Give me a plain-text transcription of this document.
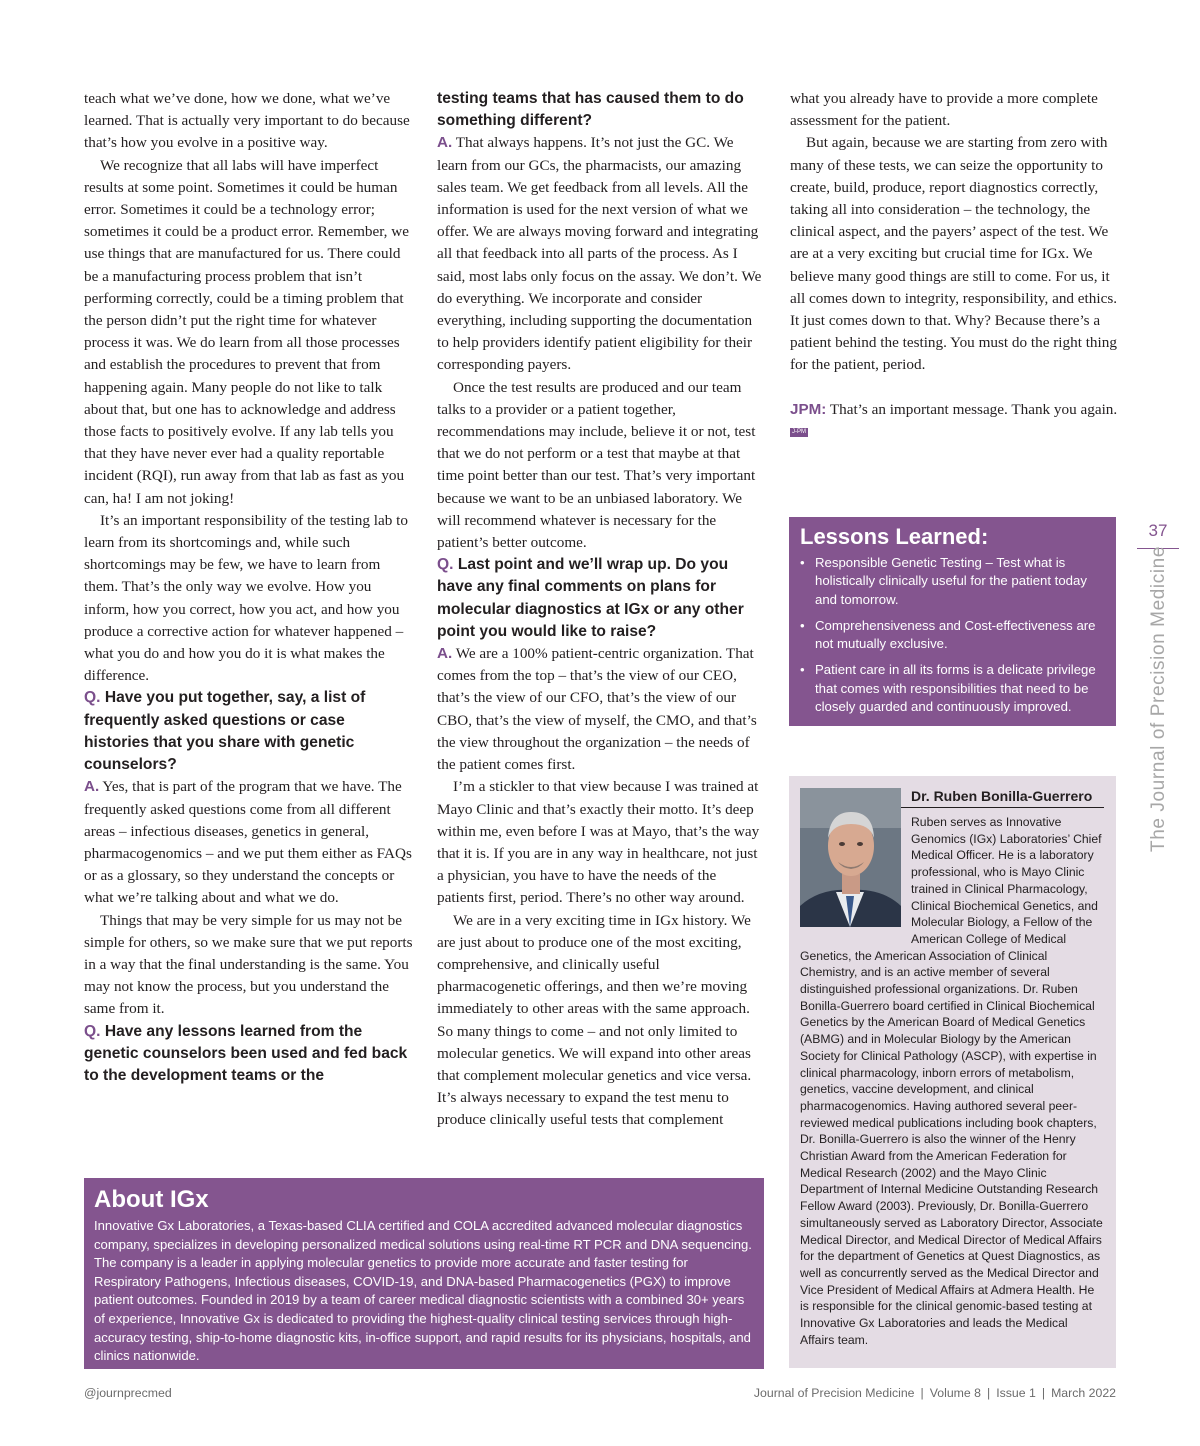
teach what we’ve done, how we done, what we’ve learned. That is actually very important to do because that’s how you evolve in a positive way.

We recognize that all labs will have imperfect results at some point. Sometimes it could be human error. Sometimes it could be a technology error; sometimes it could be a product error. Remember, we use things that are manufactured for us. There could be a manufacturing process problem that isn’t performing correctly, could be a timing problem that the person didn’t put the right time for whatever process it was. We do learn from all those processes and establish the procedures to prevent that from happening again. Many people do not like to talk about that, but one has to acknowledge and address those facts to positively evolve. If any lab tells you that they have never ever had a quality reportable incident (RQI), run away from that lab as fast as you can, ha! I am not joking!

It’s an important responsibility of the testing lab to learn from its shortcomings and, while such shortcomings may be few, we have to learn from them. That’s the only way we evolve. How you inform, how you correct, how you act, and how you produce a corrective action for whatever happened – what you do and how you do it is what makes the difference.

Q. Have you put together, say, a list of frequently asked questions or case histories that you share with genetic counselors?

A. Yes, that is part of the program that we have. The frequently asked questions come from all different areas – infectious diseases, genetics in general, pharmacogenomics – and we put them either as FAQs or as a glossary, so they understand the concepts or what we’re talking about and what we do.

Things that may be very simple for us may not be simple for others, so we make sure that we put reports in a way that the final understanding is the same. You may not know the process, but you understand the same from it.

Q. Have any lessons learned from the genetic counselors been used and fed back to the development teams or the

testing teams that has caused them to do something different?

A. That always happens. It’s not just the GC. We learn from our GCs, the pharmacists, our amazing sales team. We get feedback from all levels. All the information is used for the next version of what we offer. We are always moving forward and integrating all that feedback into all parts of the process. As I said, most labs only focus on the assay. We don’t. We do everything. We incorporate and consider everything, including supporting the documentation to help providers identify patient eligibility for their corresponding payers.

Once the test results are produced and our team talks to a provider or a patient together, recommendations may include, believe it or not, test that we do not perform or a test that maybe at that time point better than our test. That’s very important because we want to be an unbiased laboratory. We will recommend whatever is necessary for the patient’s better outcome.

Q. Last point and we’ll wrap up. Do you have any final comments on plans for molecular diagnostics at IGx or any other point you would like to raise?

A. We are a 100% patient-centric organization. That comes from the top – that’s the view of our CEO, that’s the view of our CFO, that’s the view of our CBO, that’s the view of myself, the CMO, and that’s the view throughout the organization – the needs of the patient comes first.

I’m a stickler to that view because I was trained at Mayo Clinic and that’s exactly their motto. It’s deep within me, even before I was at Mayo, that’s the way that it is. If you are in any way in healthcare, not just a physician, you have to have the needs of the patients first, period. There’s no other way around.

We are in a very exciting time in IGx history. We are just about to produce one of the most exciting, comprehensive, and clinically useful pharmacogenetic offerings, and then we’re moving immediately to other areas with the same approach. So many things to come – and not only limited to molecular genetics. We will expand into other areas that complement molecular genetics and vice versa. It’s always necessary to expand the test menu to produce clinically useful tests that complement

what you already have to provide a more complete assessment for the patient.

But again, because we are starting from zero with many of these tests, we can seize the opportunity to create, build, produce, report diagnostics correctly, taking all into consideration – the technology, the clinical aspect, and the payers’ aspect of the test. We are at a very exciting but crucial time for IGx. We believe many good things are still to come. For us, it all comes down to integrity, responsibility, and ethics. It just comes down to that. Why? Because there’s a patient behind the testing. You must do the right thing for the patient, period.

JPM: That’s an important message. Thank you again. J-PM

Lessons Learned:
• Responsible Genetic Testing – Test what is holistically clinically useful for the patient today and tomorrow.
• Comprehensiveness and Cost-effectiveness are not mutually exclusive.
• Patient care in all its forms is a delicate privilege that comes with responsibilities that need to be closely guarded and continuously improved.
Dr. Ruben Bonilla-Guerrero

Ruben serves as Innovative Genomics (IGx) Laboratories’ Chief Medical Officer. He is a laboratory professional, who is Mayo Clinic trained in Clinical Pharmacology, Clinical Biochemical Genetics, and Molecular Biology, a Fellow of the American College of Medical Genetics, the American Association of Clinical Chemistry, and is an active member of several distinguished professional organizations. Dr. Ruben Bonilla-Guerrero board certified in Clinical Biochemical Genetics by the American Board of Medical Genetics (ABMG) and in Molecular Biology by the American Society for Clinical Pathology (ASCP), with expertise in clinical pharmacology, inborn errors of metabolism, genetics, vaccine development, and clinical pharmacogenomics. Having authored several peer-reviewed medical publications including book chapters, Dr. Bonilla-Guerrero is also the winner of the Henry Christian Award from the American Federation for Medical Research (2002) and the Mayo Clinic Department of Internal Medicine Outstanding Research Fellow Award (2003). Previously, Dr. Bonilla-Guerrero simultaneously served as Laboratory Director, Associate Medical Director, and Medical Director of Medical Affairs for the department of Genetics at Quest Diagnostics, as well as concurrently served as the Medical Director and Vice President of Medical Affairs at Admera Health. He is responsible for the clinical genomic-based testing at Innovative Gx Laboratories and leads the Medical Affairs team.

About IGx

Innovative Gx Laboratories, a Texas-based CLIA certified and COLA accredited advanced molecular diagnostics company, specializes in developing personalized medical solutions using real-time RT PCR and DNA sequencing. The company is a leader in applying molecular genetics to provide more accurate and faster testing for Respiratory Pathogens, Infectious diseases, COVID-19, and DNA-based Pharmacogenetics (PGX) to improve patient outcomes. Founded in 2019 by a team of career medical diagnostic scientists with a combined 30+ years of experience, Innovative Gx is dedicated to providing the highest-quality clinical testing services through high-accuracy testing, ship-to-home diagnostic kits, in-office support, and rapid results for its physicians, hospitals, and clinics nationwide.

37
The Journal of Precision Medicine
@journprecmed	Journal of Precision Medicine | Volume 8 | Issue 1 | March 2022
